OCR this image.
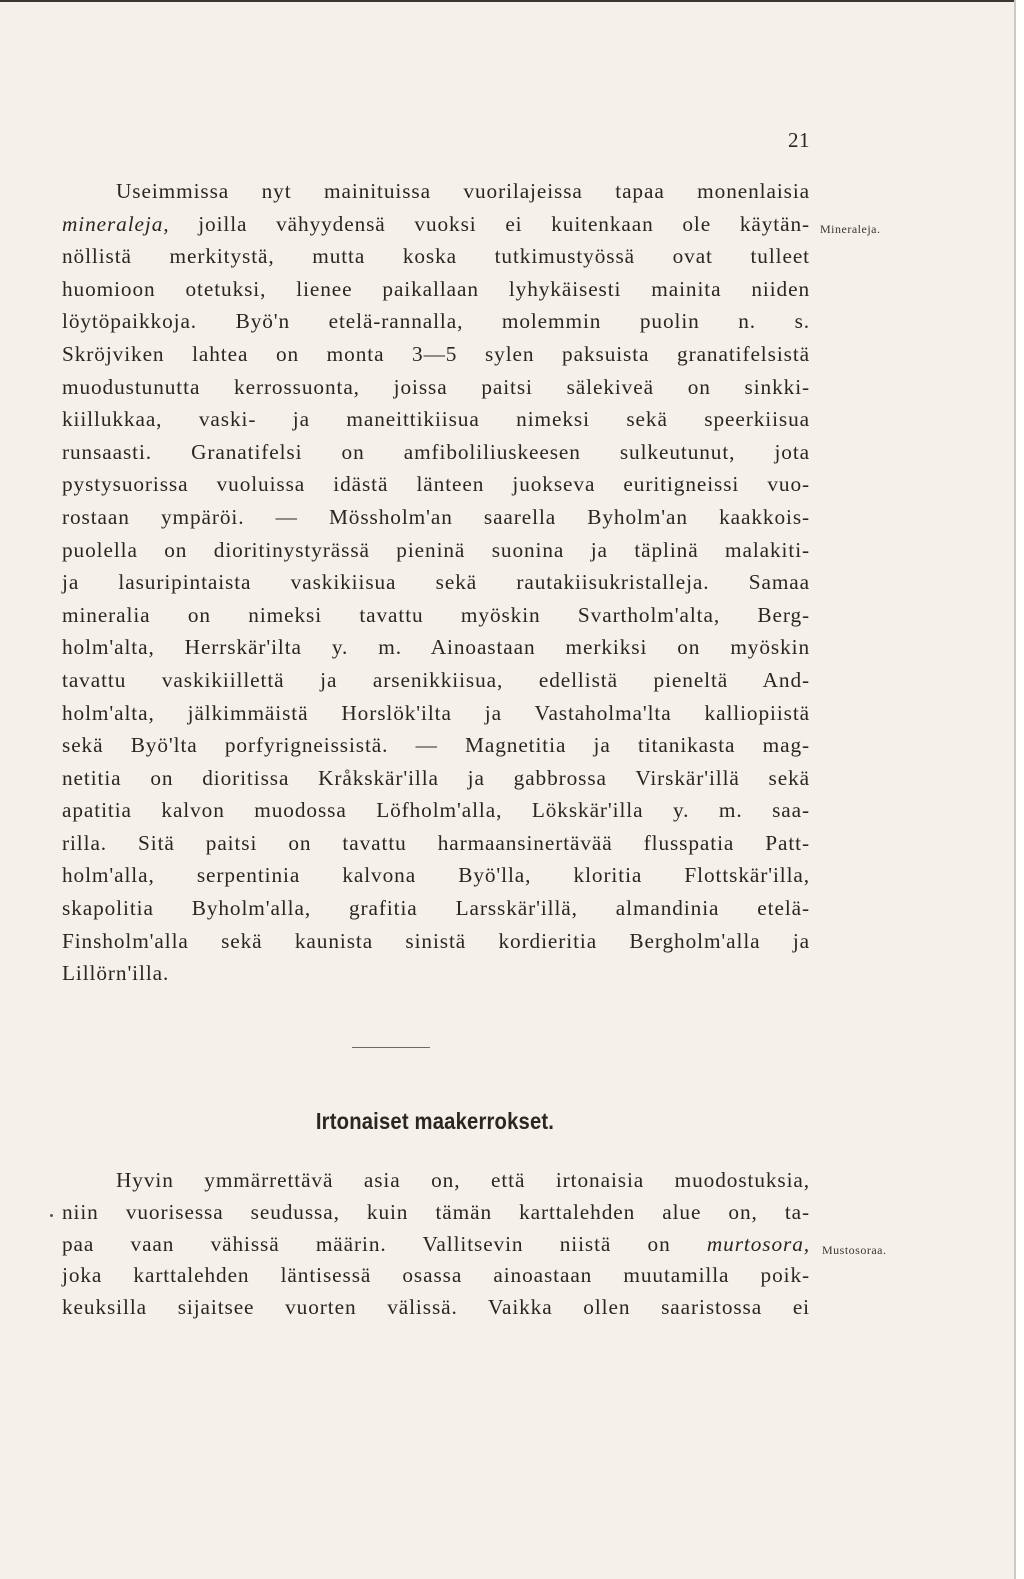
21
Useimmissa nyt mainituissa vuorilajeissa tapaa monenlaisia
mineraleja, joilla vähyydensä vuoksi ei kuitenkaan ole käytän-
nöllistä merkitystä, mutta koska tutkimustyössä ovat tulleet
huomioon otetuksi, lienee paikallaan lyhykäisesti mainita niiden
löytöpaikkoja. Byö'n etelä-rannalla, molemmin puolin n. s.
Skröjviken lahtea on monta 3—5 sylen paksuista granatifelsistä
muodustunutta kerrossuonta, joissa paitsi sälekiveä on sinkki-
kiillukkaa, vaski- ja maneittikiisua nimeksi sekä speerkiisua
runsaasti. Granatifelsi on amfiboliliuskeesen sulkeutunut, jota
pystysuorissa vuoluissa idästä länteen juokseva euritigneissi vuo-
rostaan ympäröi. — Mössholm'an saarella Byholm'an kaakkois-
puolella on dioritinystyrässä pieninä suonina ja täplinä malakiti-
ja lasuripintaista vaskikiisua sekä rautakiisukristalleja. Samaa
mineralia on nimeksi tavattu myöskin Svartholm'alta, Berg-
holm'alta, Herrskär'ilta y. m. Ainoastaan merkiksi on myöskin
tavattu vaskikiillettä ja arsenikkiisua, edellistä pieneltä And-
holm'alta, jälkimmäistä Horslök'ilta ja Vastaholma'lta kalliopiistä
sekä Byö'lta porfyrigneissistä. — Magnetitia ja titanikasta mag-
netitia on dioritissa Kråkskär'illa ja gabbrossa Virskär'illä sekä
apatitia kalvon muodossa Löfholm'alla, Lökskär'illa y. m. saa-
rilla. Sitä paitsi on tavattu harmaansinertävää flusspatia Patt-
holm'alla, serpentinia kalvona Byö'lla, kloritia Flottskär'illa,
skapolitia Byholm'alla, grafitia Larsskär'illä, almandinia etelä-
Finsholm'alla sekä kaunista sinistä kordieritia Bergholm'alla ja
Lillörn'illa.
Mineraleja.
Irtonaiset maakerrokset.
Hyvin ymmärrettävä asia on, että irtonaisia muodostuksia,
niin vuorisessa seudussa, kuin tämän karttalehden alue on, ta-
paa vaan vähissä määrin. Vallitsevin niistä on murtosora,
joka karttalehden läntisessä osassa ainoastaan muutamilla poik-
keuksilla sijaitsee vuorten välissä. Vaikka ollen saaristossa ei
Mustosoraa.
